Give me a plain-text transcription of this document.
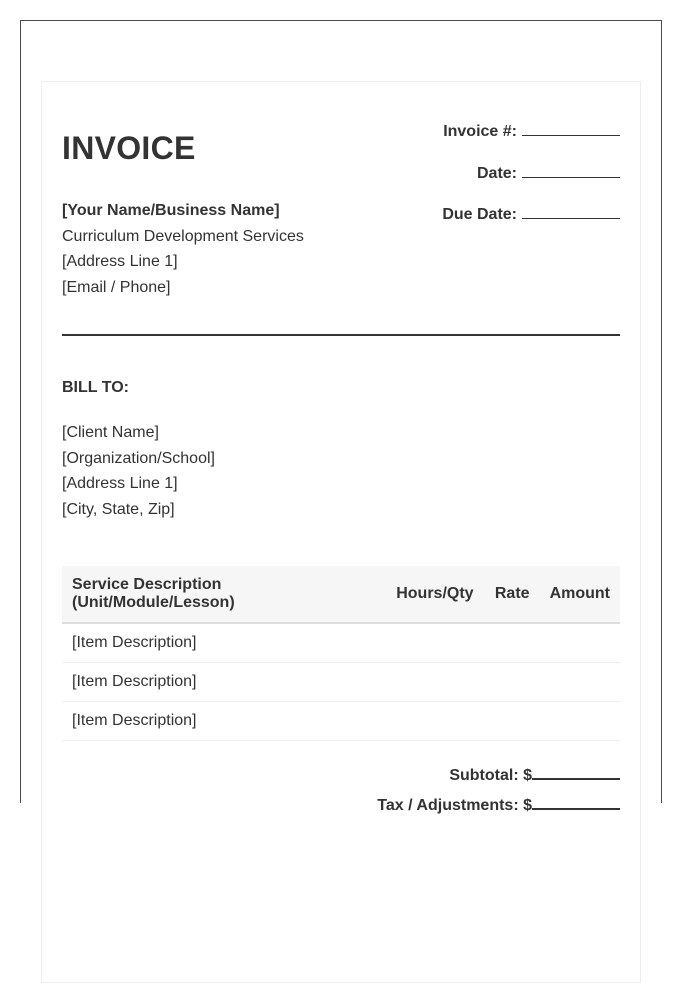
INVOICE	Invoice #:
Date:
Due Date:
[Your Name/Business Name]
Curriculum Development Services
[Address Line 1]
[Email / Phone]
BILL TO:
[Client Name]
[Organization/School]
[Address Line 1]
[City, State, Zip]
Service Description
(Unit/Module/Lesson)	Hours/Qty	Rate	Amount
[Item Description]			
[Item Description]			
[Item Description]			
Subtotal: $
Tax / Adjustments: $
